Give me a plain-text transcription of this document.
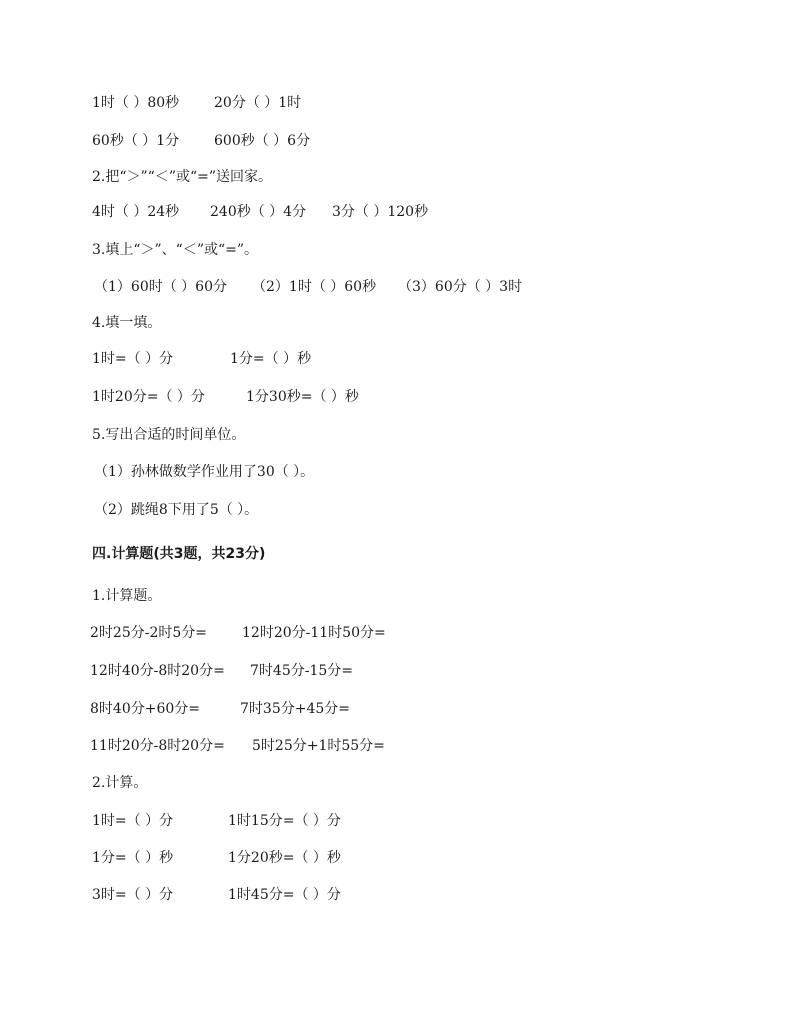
1时（ ）80秒 20分（ ）1时
60秒（ ）1分 600秒（ ）6分
2.把“＞”“＜”或“=”送回家。
4时（ ）24秒 240秒（ ）4分 3分（ ）120秒
3.填上“＞”、“＜”或“=”。
（1）60时（ ）60分 （2）1时（ ）60秒 （3）60分（ ）3时
4.填一填。
1时=（ ）分	1分=（ ）秒
1时20分=（ ）分	1分30秒=（ ）秒
5.写出合适的时间单位。
（1）孙林做数学作业用了30（ ）。
（2）跳绳8下用了5（ ）。
四.计算题(共3题，共23分)
1.计算题。
2时25分-2时5分=	12时20分-11时50分=
12时40分-8时20分= 7时45分-15分=
8时40分+60分=	7时35分+45分=
11时20分-8时20分= 5时25分+1时55分=
2.计算。
1时=（ ）分	1时15分=（ ）分
1分=（ ）秒	1分20秒=（ ）秒
3时=（ ）分	1时45分=（ ）分
